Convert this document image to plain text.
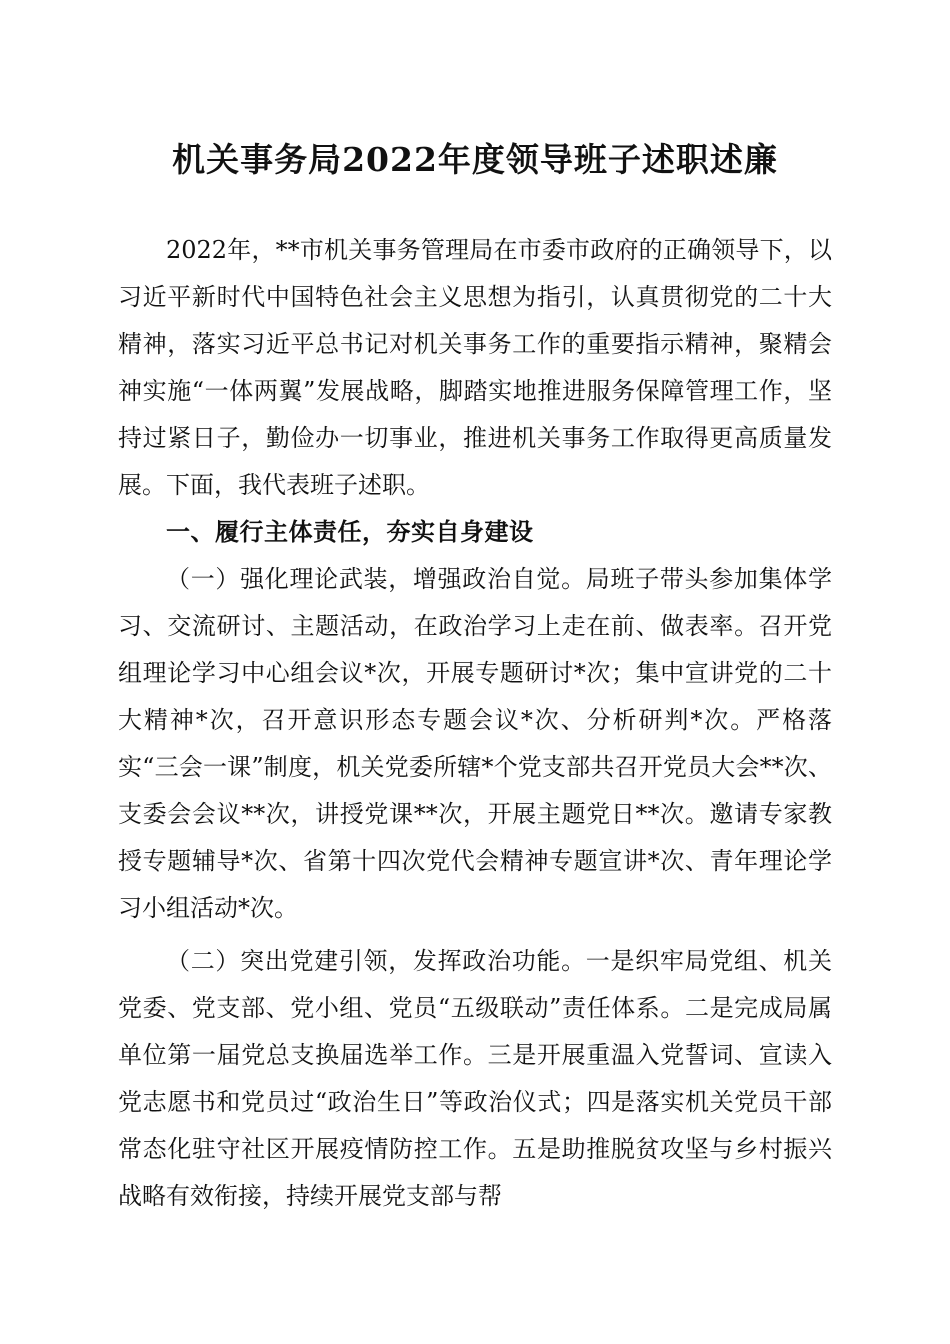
机关事务局2022年度领导班子述职述廉

2022年，**市机关事务管理局在市委市政府的正确领导下，以习近平新时代中国特色社会主义思想为指引，认真贯彻党的二十大精神，落实习近平总书记对机关事务工作的重要指示精神，聚精会神实施“一体两翼”发展战略，脚踏实地推进服务保障管理工作，坚持过紧日子，勤俭办一切事业，推进机关事务工作取得更高质量发展。下面，我代表班子述职。

一、履行主体责任，夯实自身建设

（一）强化理论武装，增强政治自觉。局班子带头参加集体学习、交流研讨、主题活动，在政治学习上走在前、做表率。召开党组理论学习中心组会议*次，开展专题研讨*次；集中宣讲党的二十大精神*次，召开意识形态专题会议*次、分析研判*次。严格落实“三会一课”制度，机关党委所辖*个党支部共召开党员大会**次、支委会会议**次，讲授党课**次，开展主题党日**次。邀请专家教授专题辅导*次、省第十四次党代会精神专题宣讲*次、青年理论学习小组活动*次。

（二）突出党建引领，发挥政治功能。一是织牢局党组、机关党委、党支部、党小组、党员“五级联动”责任体系。二是完成局属单位第一届党总支换届选举工作。三是开展重温入党誓词、宣读入党志愿书和党员过“政治生日”等政治仪式；四是落实机关党员干部常态化驻守社区开展疫情防控工作。五是助推脱贫攻坚与乡村振兴战略有效衔接，持续开展党支部与帮
